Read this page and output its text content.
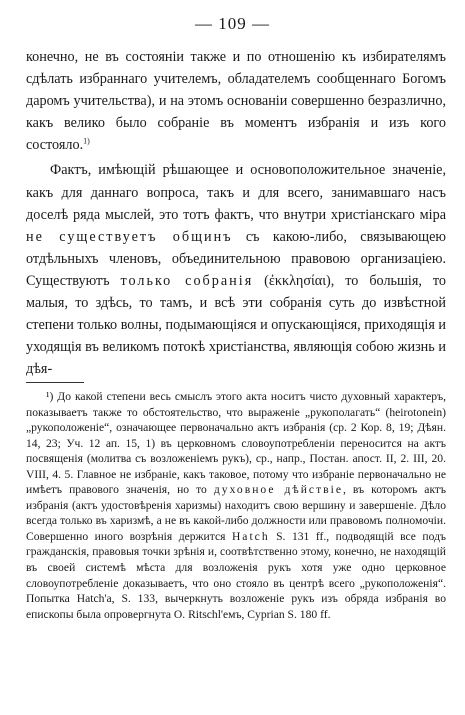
— 109 —

конечно, не въ состояніи также и по отношенію къ избирателямъ сдѣлать избраннаго учителемъ, обладателемъ сообщеннаго Богомъ даромъ учительства), и на этомъ основаніи совершенно безразлично, какъ велико было собраніе въ моментъ избранія и изъ кого состояло.$^{1)}$

Фактъ, имѣющій рѣшающее и основоположительное значеніе, какъ для даннаго вопроса, такъ и для всего, занимавшаго насъ доселѣ ряда мыслей, это тотъ фактъ, что внутри христіанскаго міра не существуетъ общинъ съ какою-либо, связывающею отдѣльныхъ членовъ, объединительною правовою организаціею. Существуютъ только собранія (ἐκκλησίαι), то большія, то малыя, то здѣсь, то тамъ, и всѣ эти собранія суть до извѣстной степени только волны, подымающіяся и опускающіяся, приходящія и уходящія въ великомъ потокѣ христіанства, являющія собою жизнь и дѣя-

¹) До какой степени весь смыслъ этого акта носитъ чисто духовный характеръ, показываетъ также то обстоятельство, что выраженіе „рукополагать“ (heirotonein) „рукоположеніе“, означающее первоначально актъ избранія (ср. 2 Кор. 8, 19; Дѣян. 14, 23; Уч. 12 ап. 15, 1) въ церковномъ словоупотребленіи переносится на актъ посвященія (молитва съ возложеніемъ рукъ), ср., напр., Постан. апост. II, 2. III, 20. VIII, 4. 5. Главное не избраніе, какъ таковое, потому что избраніе первоначально не имѣетъ правового значенія, но то духовное дѣйствіе, въ которомъ актъ избранія (актъ удостовѣренія харизмы) находитъ свою вершину и завершеніе. Дѣло всегда только въ харизмѣ, а не въ какой-либо должности или правовомъ полномочіи. Совершенно иного возрѣнія держится Hatch S. 131 ff., подводящій все подъ гражданскія, правовыя точки зрѣнія и, соотвѣтственно этому, конечно, не находящій въ своей системѣ мѣста для возложенія рукъ хотя уже одно церковное словоупотребленіе доказываетъ, что оно стояло въ центрѣ всего „рукоположенія“. Попытка Hatch'а, S. 133, вычеркнуть возложеніе рукъ изъ обряда избранія во епископы была опровергнута O. Ritschl'емъ, Cyprian S. 180 ff.
